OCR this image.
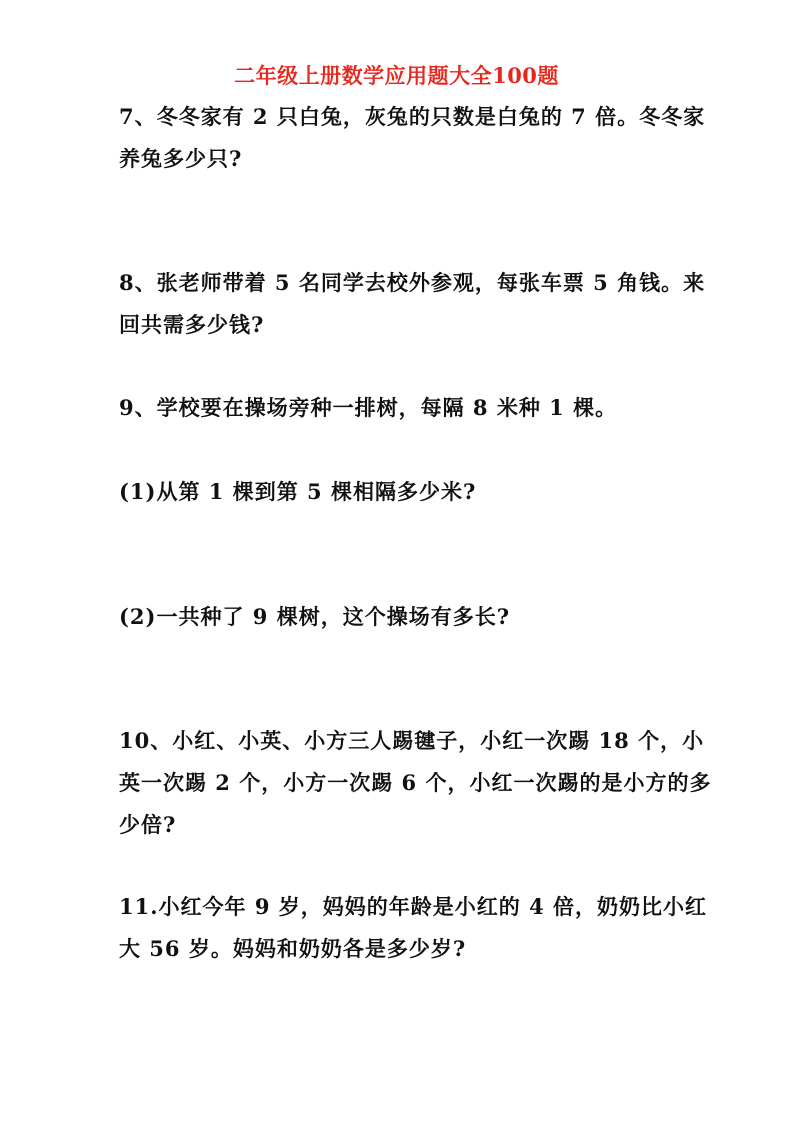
二年级上册数学应用题大全100题

7、冬冬家有 2 只白兔，灰兔的只数是白兔的 7 倍。冬冬家
养兔多少只?

8、张老师带着 5 名同学去校外参观，每张车票 5 角钱。来
回共需多少钱?

9、学校要在操场旁种一排树，每隔 8 米种 1 棵。

(1)从第 1 棵到第 5 棵相隔多少米?

(2)一共种了 9 棵树，这个操场有多长?

10、小红、小英、小方三人踢毽子，小红一次踢 18 个，小
英一次踢 2 个，小方一次踢 6 个，小红一次踢的是小方的多
少倍?

11.小红今年 9 岁，妈妈的年龄是小红的 4 倍，奶奶比小红
大 56 岁。妈妈和奶奶各是多少岁?
